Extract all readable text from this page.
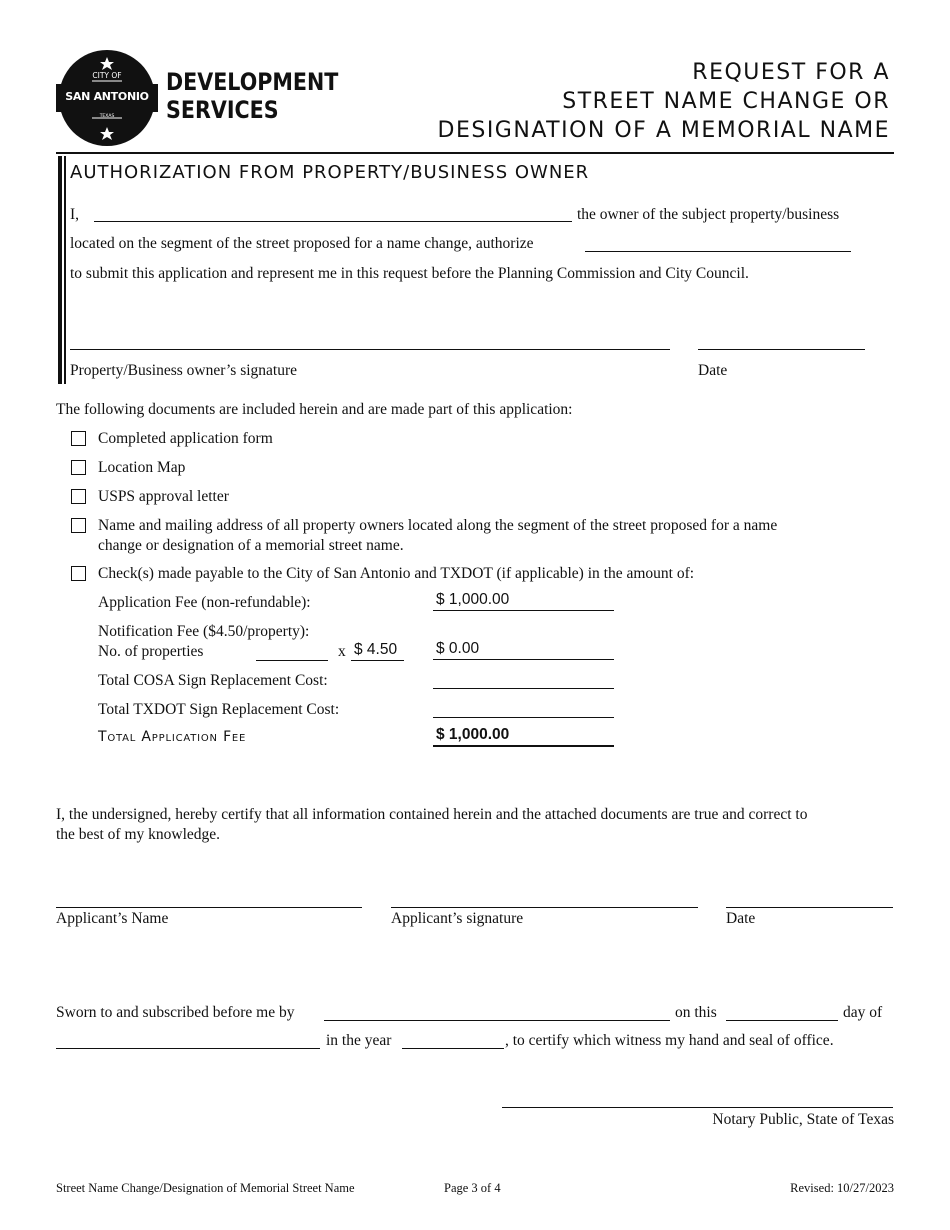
CITY OF
SAN ANTONIO
TEXAS
DEVELOPMENT
SERVICES
REQUEST FOR A
STREET NAME CHANGE OR
DESIGNATION OF A MEMORIAL NAME
AUTHORIZATION FROM PROPERTY/BUSINESS OWNER
I,	the owner of the subject property/business
located on the segment of the street proposed for a name change, authorize
to submit this application and represent me in this request before the Planning Commission and City Council.
Property/Business owner’s signature	Date
The following documents are included herein and are made part of this application:
Completed application form
Location Map
USPS approval letter
Name and mailing address of all property owners located along the segment of the street proposed for a name
change or designation of a memorial street name.
Check(s) made payable to the City of San Antonio and TXDOT (if applicable) in the amount of:
Application Fee (non-refundable):	$ 1,000.00
Notification Fee ($4.50/property):
No. of properties	x $ 4.50	$ 0.00
Total COSA Sign Replacement Cost:
Total TXDOT Sign Replacement Cost:
Total Application Fee	$ 1,000.00
I, the undersigned, hereby certify that all information contained herein and the attached documents are true and correct to
the best of my knowledge.
Applicant’s Name	Applicant’s signature	Date
Sworn to and subscribed before me by	on this	day of
in the year	, to certify which witness my hand and seal of office.
Notary Public, State of Texas
Street Name Change/Designation of Memorial Street Name	Page 3 of 4	Revised: 10/27/2023
